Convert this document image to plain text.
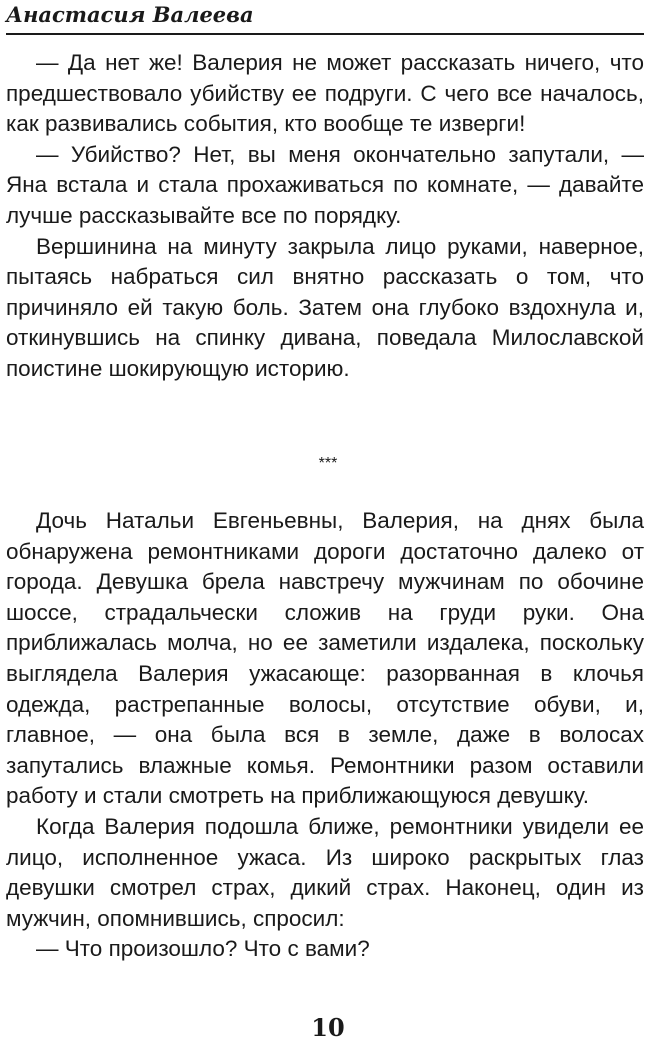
Анастасия Валеева

— Да нет же! Валерия не может рассказать ничего, что предшествовало убийству ее подруги. С чего все началось, как развивались события, кто вообще те изверги!

— Убийство? Нет, вы меня окончательно запутали, — Яна встала и стала прохаживаться по комнате, — давайте лучше рассказывайте все по порядку.

Вершинина на минуту закрыла лицо руками, наверное, пытаясь набраться сил внятно рассказать о том, что причиняло ей такую боль. Затем она глубоко вздохнула и, откинувшись на спинку дивана, поведала Милославской поистине шокирующую историю.

***

Дочь Натальи Евгеньевны, Валерия, на днях была обнаружена ремонтниками дороги достаточно далеко от города. Девушка брела навстречу мужчинам по обочине шоссе, страдальчески сложив на груди руки. Она приближалась молча, но ее заметили издалека, поскольку выглядела Валерия ужасающе: разорванная в клочья одежда, растрепанные волосы, отсутствие обуви, и, главное, — она была вся в земле, даже в волосах запутались влажные комья. Ремонтники разом оставили работу и стали смотреть на приближающуюся девушку.

Когда Валерия подошла ближе, ремонтники увидели ее лицо, исполненное ужаса. Из широко раскрытых глаз девушки смотрел страх, дикий страх. Наконец, один из мужчин, опомнившись, спросил:

— Что произошло? Что с вами?

10
